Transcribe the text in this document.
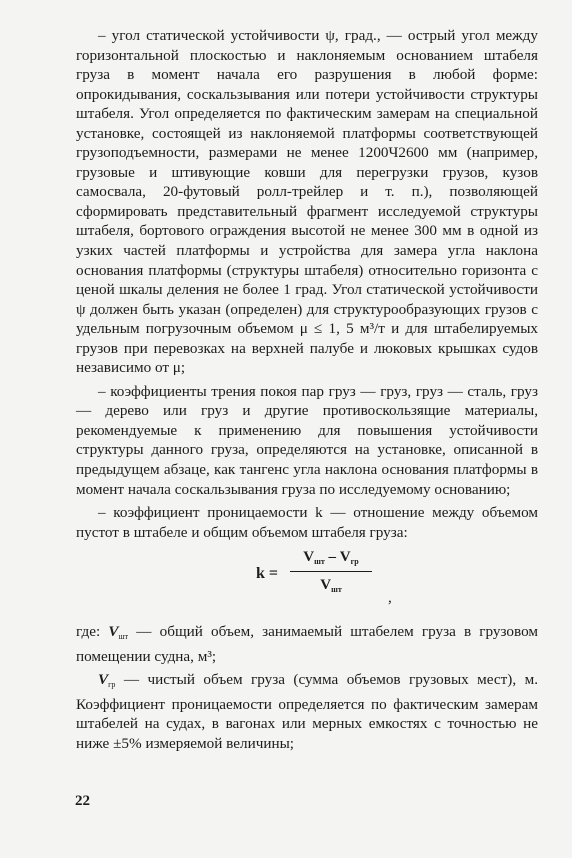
– угол статической устойчивости ψ, град., — острый угол между горизонтальной плоскостью и наклоняемым основанием штабеля груза в момент начала его разрушения в любой форме: опрокидывания, соскальзывания или потери устойчивости структуры штабеля. Угол определяется по фактическим замерам на специальной установке, состоящей из наклоняемой платформы соответствующей грузоподъемности, размерами не менее 1200Ч2600 мм (например, грузовые и штивующие ковши для перегрузки грузов, кузов самосвала, 20-футовый ролл-трейлер и т. п.), позволяющей сформировать представительный фрагмент исследуемой структуры штабеля, бортового ограждения высотой не менее 300 мм в одной из узких частей платформы и устройства для замера угла наклона основания платформы (структуры штабеля) относительно горизонта с ценой шкалы деления не более 1 град. Угол статической устойчивости ψ должен быть указан (определен) для структурообразующих грузов с удельным погрузочным объемом μ ≤ 1, 5 м³/т и для штабелируемых грузов при перевозках на верхней палубе и люковых крышках судов независимо от μ;

– коэффициенты трения покоя пар груз — груз, груз — сталь, груз — дерево или груз и другие противоскользящие материалы, рекомендуемые к применению для повышения устойчивости структуры данного груза, определяются на установке, описанной в предыдущем абзаце, как тангенс угла наклона основания платформы в момент начала соскальзывания груза по исследуемому основанию;

– коэффициент проницаемости k — отношение между объемом пустот в штабеле и общим объемом штабеля груза:

k =
$V_{шт} - V_{гр}$
$V_{шт}$	,

где: $V_{шт}$ — общий объем, занимаемый штабелем груза в грузовом помещении судна, м³;

$V_{гр}$ — чистый объем груза (сумма объемов грузовых мест), м. Коэффициент проницаемости определяется по фактическим замерам штабелей на судах, в вагонах или мерных емкостях с точностью не ниже ±5% измеряемой величины;

22
